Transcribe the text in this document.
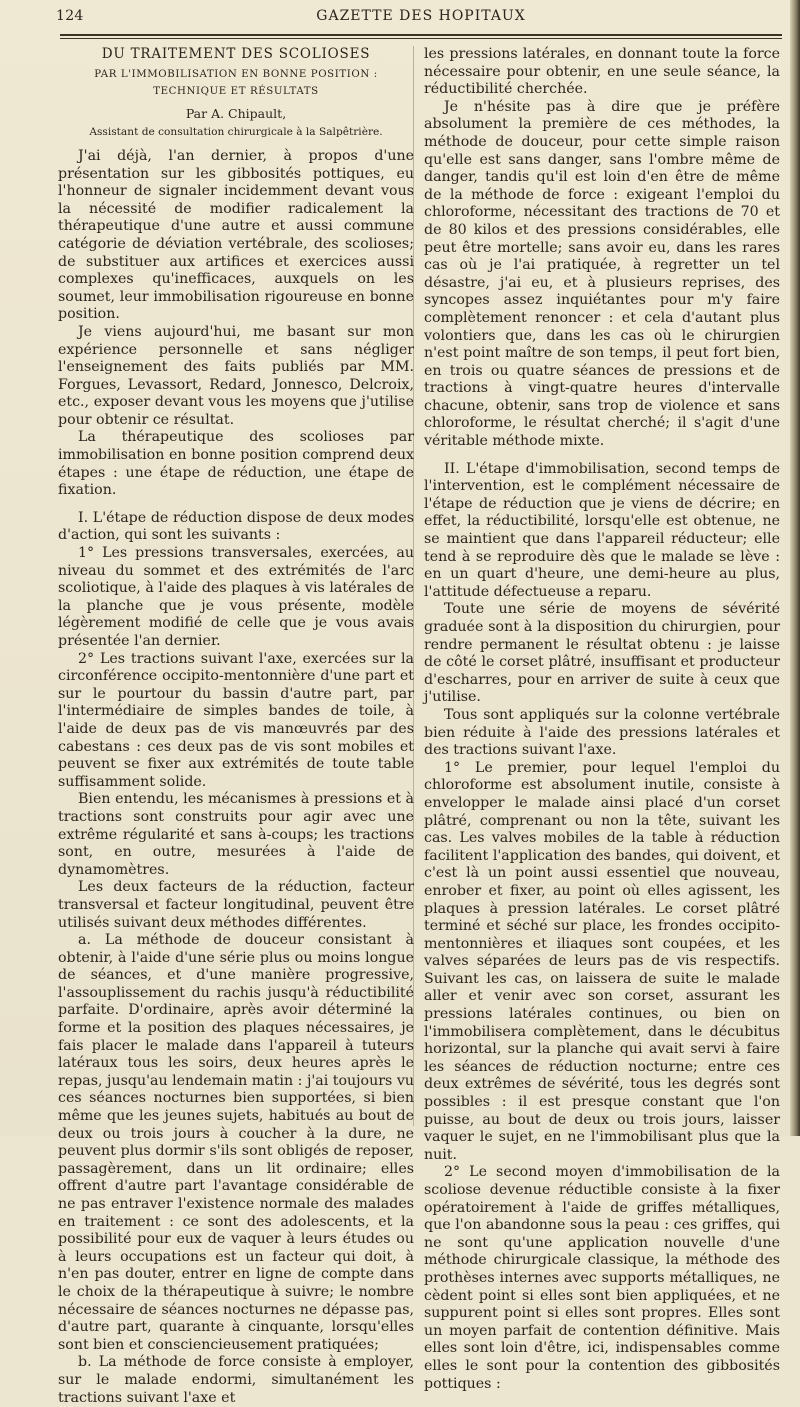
124	GAZETTE DES HOPITAUX
DU TRAITEMENT DES SCOLIOSES
PAR L'IMMOBILISATION EN BONNE POSITION : TECHNIQUE ET RÉSULTATS
Par A. Chipault,
Assistant de consultation chirurgicale à la Salpêtrière.

J'ai déjà, l'an dernier, à propos d'une présentation sur les gibbosités pottiques, eu l'honneur de signaler incidemment devant vous la nécessité de modifier radicalement la thérapeutique d'une autre et aussi commune catégorie de déviation vertébrale, des scolioses; de substituer aux artifices et exercices aussi complexes qu'inefficaces, auxquels on les soumet, leur immobilisation rigoureuse en bonne position.

Je viens aujourd'hui, me basant sur mon expérience personnelle et sans négliger l'enseignement des faits publiés par MM. Forgues, Levassort, Redard, Jonnesco, Delcroix, etc., exposer devant vous les moyens que j'utilise pour obtenir ce résultat.

La thérapeutique des scolioses par immobilisation en bonne position comprend deux étapes : une étape de réduction, une étape de fixation.

I. L'étape de réduction dispose de deux modes d'action, qui sont les suivants :

1° Les pressions transversales, exercées, au niveau du sommet et des extrémités de l'arc scoliotique, à l'aide des plaques à vis latérales de la planche que je vous présente, modèle légèrement modifié de celle que je vous avais présentée l'an dernier.

2° Les tractions suivant l'axe, exercées sur la circonférence occipito-mentonnière d'une part et sur le pourtour du bassin d'autre part, par l'intermédiaire de simples bandes de toile, à l'aide de deux pas de vis manœuvrés par des cabestans : ces deux pas de vis sont mobiles et peuvent se fixer aux extrémités de toute table suffisamment solide.

Bien entendu, les mécanismes à pressions et à tractions sont construits pour agir avec une extrême régularité et sans à-coups; les tractions sont, en outre, mesurées à l'aide de dynamomètres.

Les deux facteurs de la réduction, facteur transversal et facteur longitudinal, peuvent être utilisés suivant deux méthodes différentes.

a. La méthode de douceur consistant à obtenir, à l'aide d'une série plus ou moins longue de séances, et d'une manière progressive, l'assouplissement du rachis jusqu'à réductibilité parfaite. D'ordinaire, après avoir déterminé la forme et la position des plaques nécessaires, je fais placer le malade dans l'appareil à tuteurs latéraux tous les soirs, deux heures après le repas, jusqu'au lendemain matin : j'ai toujours vu ces séances nocturnes bien supportées, si bien même que les jeunes sujets, habitués au bout de deux ou trois jours à coucher à la dure, ne peuvent plus dormir s'ils sont obligés de reposer, passagèrement, dans un lit ordinaire; elles offrent d'autre part l'avantage considérable de ne pas entraver l'existence normale des malades en traitement : ce sont des adolescents, et la possibilité pour eux de vaquer à leurs études ou à leurs occupations est un facteur qui doit, à n'en pas douter, entrer en ligne de compte dans le choix de la thérapeutique à suivre; le nombre nécessaire de séances nocturnes ne dépasse pas, d'autre part, quarante à cinquante, lorsqu'elles sont bien et consciencieusement pratiquées;

b. La méthode de force consiste à employer, sur le malade endormi, simultanément les tractions suivant l'axe et

les pressions latérales, en donnant toute la force nécessaire pour obtenir, en une seule séance, la réductibilité cherchée.

Je n'hésite pas à dire que je préfère absolument la première de ces méthodes, la méthode de douceur, pour cette simple raison qu'elle est sans danger, sans l'ombre même de danger, tandis qu'il est loin d'en être de même de la méthode de force : exigeant l'emploi du chloroforme, nécessitant des tractions de 70 et de 80 kilos et des pressions considérables, elle peut être mortelle; sans avoir eu, dans les rares cas où je l'ai pratiquée, à regretter un tel désastre, j'ai eu, et à plusieurs reprises, des syncopes assez inquiétantes pour m'y faire complètement renoncer : et cela d'autant plus volontiers que, dans les cas où le chirurgien n'est point maître de son temps, il peut fort bien, en trois ou quatre séances de pressions et de tractions à vingt-quatre heures d'intervalle chacune, obtenir, sans trop de violence et sans chloroforme, le résultat cherché; il s'agit d'une véritable méthode mixte.

II. L'étape d'immobilisation, second temps de l'intervention, est le complément nécessaire de l'étape de réduction que je viens de décrire; en effet, la réductibilité, lorsqu'elle est obtenue, ne se maintient que dans l'appareil réducteur; elle tend à se reproduire dès que le malade se lève : en un quart d'heure, une demi-heure au plus, l'attitude défectueuse a reparu.

Toute une série de moyens de sévérité graduée sont à la disposition du chirurgien, pour rendre permanent le résultat obtenu : je laisse de côté le corset plâtré, insuffisant et producteur d'escharres, pour en arriver de suite à ceux que j'utilise.

Tous sont appliqués sur la colonne vertébrale bien réduite à l'aide des pressions latérales et des tractions suivant l'axe.

1° Le premier, pour lequel l'emploi du chloroforme est absolument inutile, consiste à envelopper le malade ainsi placé d'un corset plâtré, comprenant ou non la tête, suivant les cas. Les valves mobiles de la table à réduction facilitent l'application des bandes, qui doivent, et c'est là un point aussi essentiel que nouveau, enrober et fixer, au point où elles agissent, les plaques à pression latérales. Le corset plâtré terminé et séché sur place, les frondes occipito-mentonnières et iliaques sont coupées, et les valves séparées de leurs pas de vis respectifs. Suivant les cas, on laissera de suite le malade aller et venir avec son corset, assurant les pressions latérales continues, ou bien on l'immobilisera complètement, dans le décubitus horizontal, sur la planche qui avait servi à faire les séances de réduction nocturne; entre ces deux extrêmes de sévérité, tous les degrés sont possibles : il est presque constant que l'on puisse, au bout de deux ou trois jours, laisser vaquer le sujet, en ne l'immobilisant plus que la nuit.

2° Le second moyen d'immobilisation de la scoliose devenue réductible consiste à la fixer opératoirement à l'aide de griffes métalliques, que l'on abandonne sous la peau : ces griffes, qui ne sont qu'une application nouvelle d'une méthode chirurgicale classique, la méthode des prothèses internes avec supports métalliques, ne cèdent point si elles sont bien appliquées, et ne suppurent point si elles sont propres. Elles sont un moyen parfait de contention définitive. Mais elles sont loin d'être, ici, indispensables comme elles le sont pour la contention des gibbosités pottiques :
